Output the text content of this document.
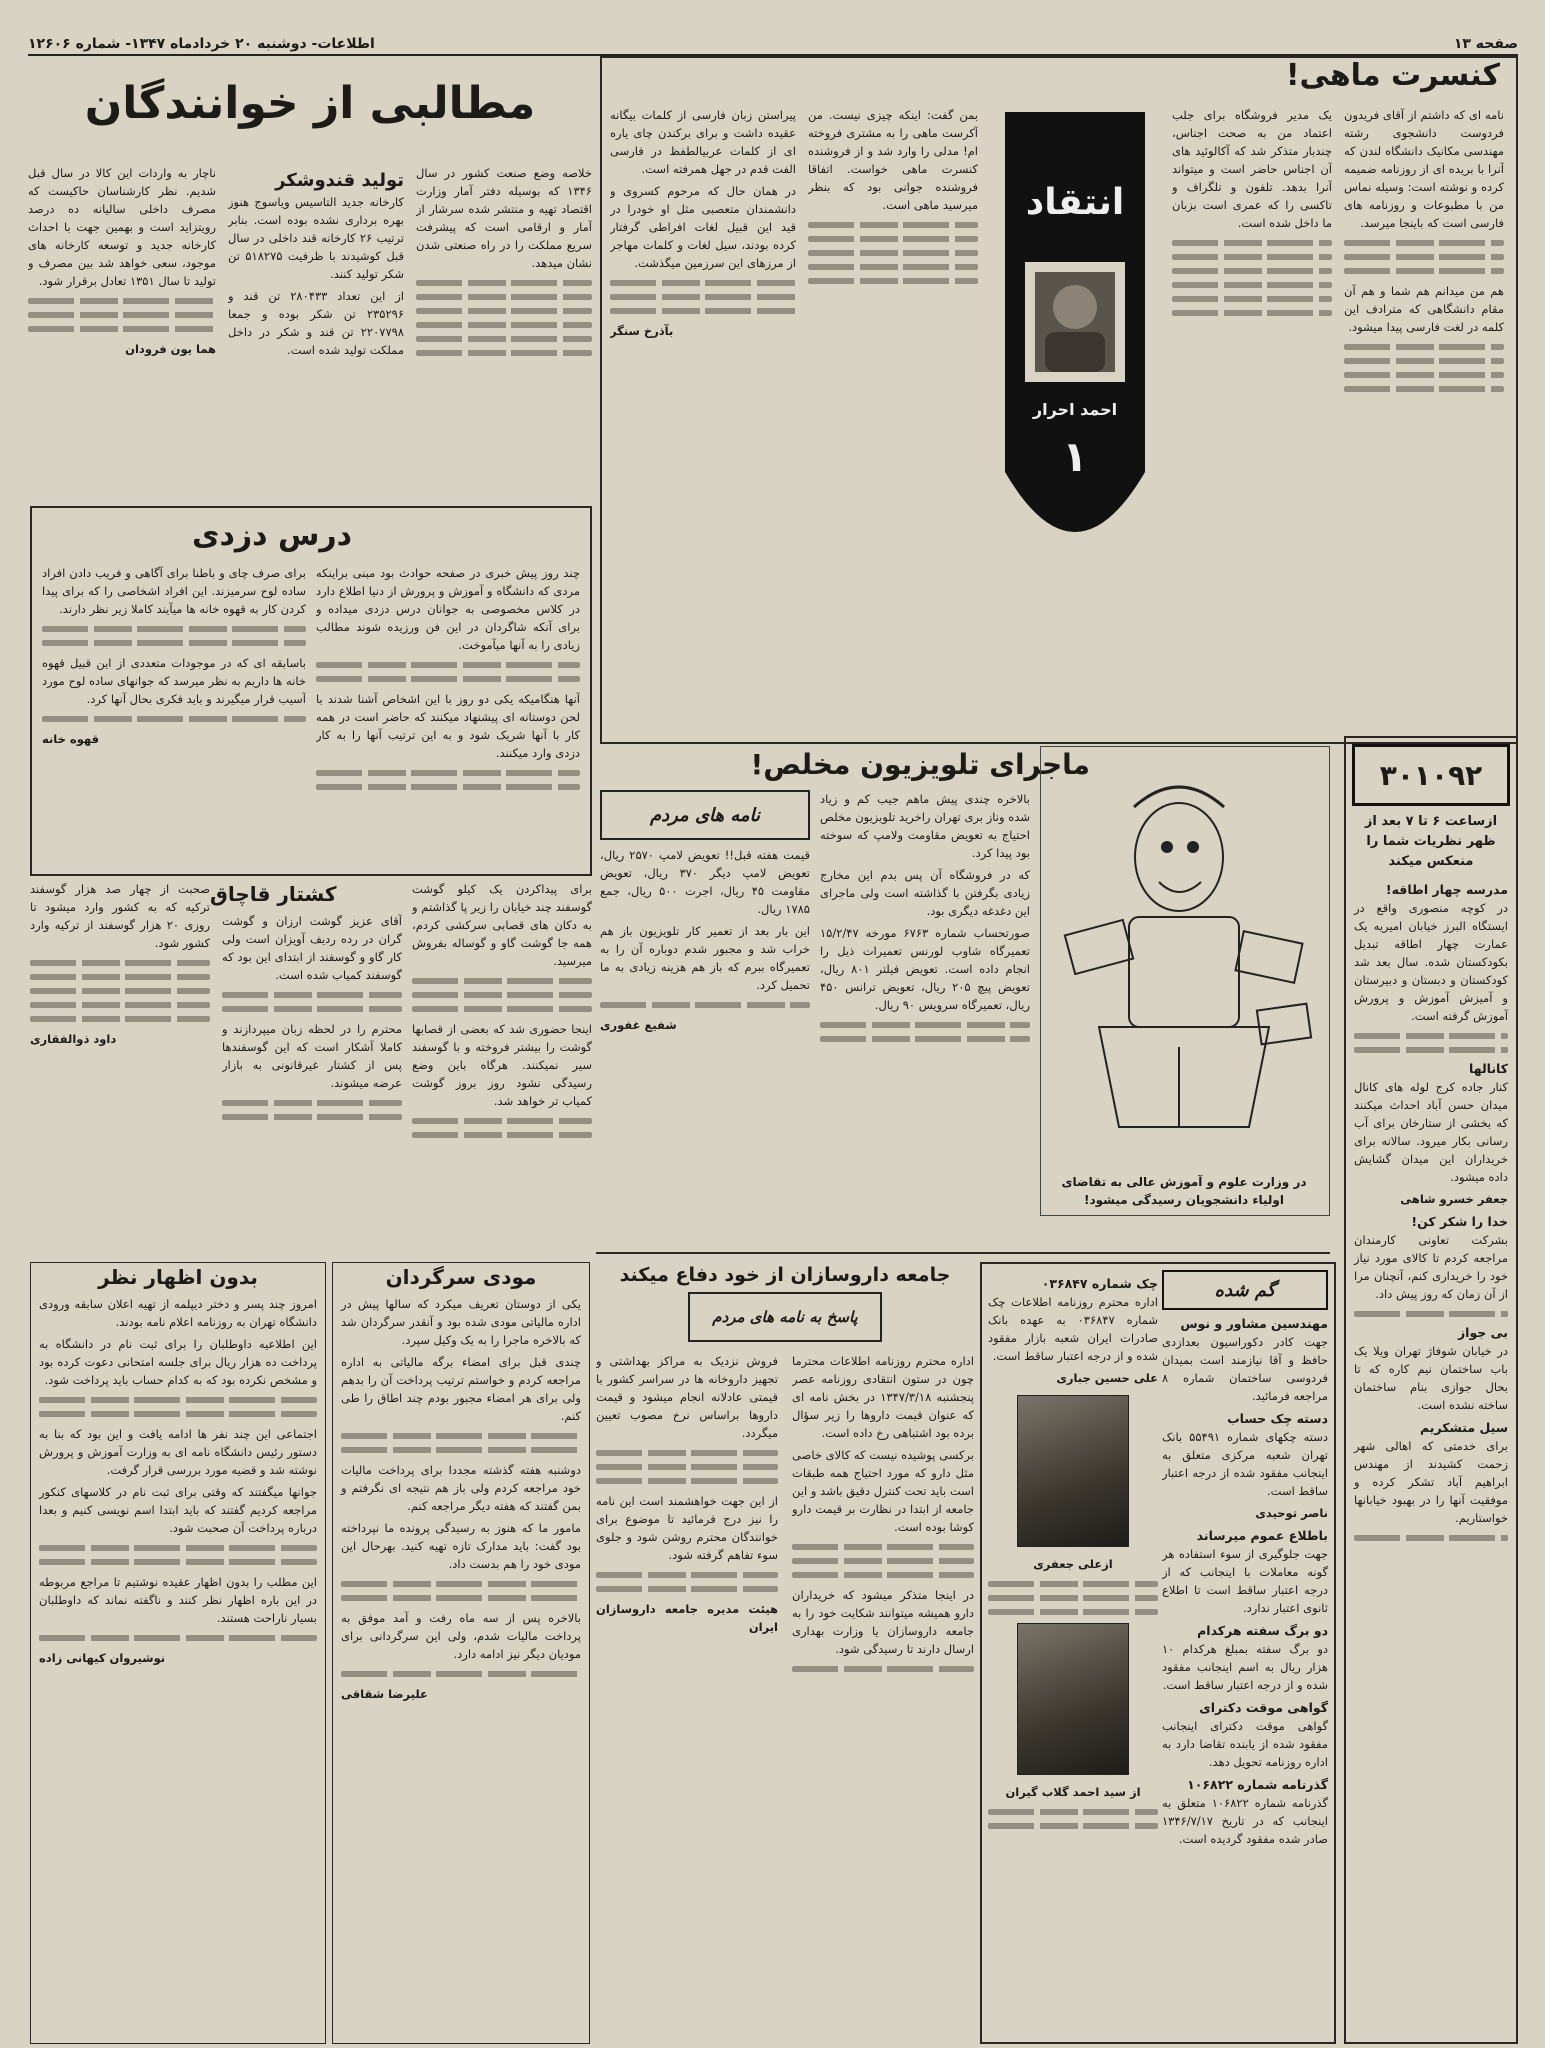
صفحه ۱۳
اطلاعات- دوشنبه ۲۰ خردادماه ۱۳۴۷- شماره ۱۲۶۰۶
کنسرت ماهی!

نامه ای که داشتم از آقای فریدون فردوست دانشجوی رشته مهندسی مکانیک دانشگاه لندن که آنرا با بریده ای از روزنامه ضمیمه کرده و نوشته است: وسیله نماس من با مطبوعات و روزنامه های فارسی است که باینجا میرسد.

هم من میدانم هم شما و هم آن مقام دانشگاهی که مترادف این کلمه در لغت فارسی پیدا میشود.

یک مدیر فروشگاه برای جلب اعتماد من به صحت اجناس، چندبار متذکر شد که آکالوئید های آن اجناس حاضر است و میتواند آنرا بدهد. تلفون و تلگراف و تاکسی را که عمری است بزبان ما داخل شده است.

انتقاد
احمد احرار
۱

بمن گفت: اینکه چیزی نیست. من آکرست ماهی را به مشتری فروخته ام! مدلی را وارد شد و از فروشنده کنسرت ماهی خواست. اتفاقا فروشنده جوانی بود که بنظر میرسید ماهی است.

پیراستن زبان فارسی از کلمات بیگانه عقیده داشت و برای برکندن چای یاره ای از کلمات عربیالطفظ در فارسی الفت قدم در جهل همرفته است.

در همان حال که مرحوم کسروی و دانشمندان متعصبی مثل او خودرا در قید این قبیل لغات افراطی گرفتار کرده بودند، سیل لغات و کلمات مهاجر از مرزهای این سرزمین میگذشت.

بآذرخ سنگر

مطالبی از خوانندگان

خلاصه وضع صنعت کشور در سال ۱۳۴۶ که بوسیله دفتر آمار وزارت اقتصاد تهیه و منتشر شده سرشار از آمار و ارقامی است که پیشرفت سریع مملکت را در راه صنعتی شدن نشان میدهد.

تولید قندوشکر

کارخانه جدید التاسیس ویاسوج هنوز بهره برداری نشده بوده است. بنابر ترتیب ۲۶ کارخانه قند داخلی در سال قبل کوشیدند با ظرفیت ۵۱۸۲۷۵ تن شکر تولید کنند.

از این تعداد ۲۸۰۴۳۳ تن قند و ۲۳۵۲۹۶ تن شکر بوده و جمعا ۲۲۰۷۷۹۸ تن قند و شکر در داخل مملکت تولید شده است.

ناچار به واردات این کالا در سال قبل شدیم. نظر کارشناسان حاکیست که مصرف داخلی سالیانه ده درصد رویتزاید است و بهمین جهت با احداث کارخانه جدید و توسعه کارخانه های موجود، سعی خواهد شد بین مصرف و تولید تا سال ۱۳۵۱ تعادل برقرار شود.

هما یون فرودان

درس دزدی

چند روز پیش خبری در صفحه حوادث بود مبنی براینکه مردی که دانشگاه و آموزش و پرورش از دنیا اطلاع دارد در کلاس مخصوصی به جوانان درس دزدی میداده و برای آنکه شاگردان در این فن ورزیده شوند مطالب زیادی را به آنها میآموخت.

آنها هنگامیکه یکی دو روز با این اشخاص آشنا شدند با لحن دوستانه ای پیشنهاد میکنند که حاضر است در همه کار با آنها شریک شود و به این ترتیب آنها را به کار دزدی وارد میکنند.

برای صرف چای و باطنا برای آگاهی و فریب دادن افراد ساده لوح سرمیزند. این افراد اشخاصی را که برای پیدا کردن کار به قهوه خانه ها میآیند کاملا زیر نظر دارند.

باسابقه ای که در موجودات متعددی از این قبیل قهوه خانه ها داریم به نظر میرسد که جوانهای ساده لوح مورد آسیب قرار میگیرند و باید فکری بحال آنها کرد.

قهوه خانه

کشتار قاچاق	برای پیداکردن یک کیلو گوشت گوسفند چند خیابان را زیر پا گذاشتم و به دکان های قصابی سرکشی کردم، همه جا گوشت گاو و گوساله بفروش میرسید.

اینجا حضوری شد که بعضی از قصابها گوشت را بیشتر فروخته و با گوسفند سیر نمیکنند. هرگاه باین وضع رسیدگی نشود روز بروز گوشت کمیاب تر خواهد شد.

آقای عزیز گوشت ارزان و گوشت گران در رده ردیف آویزان است ولی کار گاو و گوسفند از ابتدای این بود که گوسفند کمیاب شده است.

محترم را در لحظه زبان میپردازند و کاملا آشکار است که این گوسفندها پس از کشتار غیرقانونی به بازار عرضه میشوند.

صحبت از چهار صد هزار گوسفند ترکیه که به کشور وارد میشود تا روزی ۲۰ هزار گوسفند از ترکیه وارد کشور شود.

داود ذوالفقاری

ماجرای تلویزیون مخلص!
در وزارت علوم و آموزش عالی به تقاضای اولیاء دانشجویان رسیدگی میشود!

بالاخره چندی پیش ماهم جیب کم و زیاد شده وناز بری تهران راخرید تلویزیون مخلص احتیاج به تعویض مقاومت ولامپ که سوخته بود پیدا کرد.

که در فروشگاه آن پس بدم این مخارج زیادی بگرفتن با گذاشته است ولی ماجرای این دغدغه دیگری بود.

صورتحساب شماره ۶۷۶۳ مورخه ۱۵/۲/۴۷ تعمیرگاه شاوب لورنس تعمیرات ذیل را انجام داده است. تعویض فیلتر ۸۰۱ ریال، تعویض پیچ ۲۰۵ ریال، تعویض ترانس ۴۵۰ ریال، تعمیرگاه سرویس ۹۰ ریال.

نامه های مردم

قیمت هفته قبل!! تعویض لامپ ۲۵۷۰ ریال، تعویض لامپ دیگر ۳۷۰ ریال، تعویض مقاومت ۴۵ ریال، اجرت ۵۰۰ ریال، جمع ۱۷۸۵ ریال.

این بار بعد از تعمیر کار تلویزیون باز هم خراب شد و مجبور شدم دوباره آن را به تعمیرگاه ببرم که باز هم هزینه زیادی به ما تحمیل کرد.

شفیع غفوری

۳۰۱۰۹۲
ازساعت ۶ تا ۷ بعد از ظهر نظریات شما را منعکس میکند
مدرسه چهار اطاقه!

در کوچه منصوری واقع در ایستگاه البرز خیابان امیریه یک عمارت چهار اطاقه تبدیل بکودکستان شده. سال بعد شد کودکستان و دبستان و دبیرستان و آمیزش آموزش و پرورش آموزش گرفته است.

کانالها

کنار جاده کرج لوله های کانال میدان حسن آباد احداث میکنند که بخشی از ستارخان برای آب رسانی بکار میرود. سالانه برای خریداران این میدان گشایش داده میشود.

جعفر خسرو شاهی

خدا را شکر کن!

بشرکت تعاونی کارمندان مراجعه کردم تا کالای مورد نیاز خود را خریداری کنم، آنچنان مرا از آن زمان که روز پیش داد.

بی جواز

در خیابان شوفاژ تهران ویلا یک باب ساختمان نیم کاره که تا بحال جوازی بنام ساختمان ساخته نشده است.

سیل متشکریم

برای خدمتی که اهالی شهر زحمت کشیدند از مهندس ابراهیم آباد تشکر کرده و موفقیت آنها را در بهبود خیابانها خواستاریم.

گم شده
مهندسین مشاور و نوس

جهت کادر دکوراسیون بعدازدی حافظ و آقا نیازمند است بمیدان فردوسی ساختمان شماره ۸ مراجعه فرمائید.

دسته چک حساب

دسته چکهای شماره ۵۵۴۹۱ بانک تهران شعبه مرکزی متعلق به اینجانب مفقود شده از درجه اعتبار ساقط است.

ناصر توحیدی

باطلاع عموم میرساند

جهت جلوگیری از سوء استفاده هر گونه معاملات با اینجانب که از درجه اعتبار ساقط است تا اطلاع ثانوی اعتبار ندارد.

دو برگ سفته هرکدام

دو برگ سفته بمبلغ هرکدام ۱۰ هزار ریال به اسم اینجانب مفقود شده و از درجه اعتبار ساقط است.

گواهی موقت دکترای

گواهی موقت دکترای اینجانب مفقود شده از یابنده تقاضا دارد به اداره روزنامه تحویل دهد.

گذرنامه شماره ۱۰۶۸۲۲

گذرنامه شماره ۱۰۶۸۲۲ متعلق به اینجانب که در تاریخ ۱۳۴۶/۷/۱۷ صادر شده مفقود گردیده است.

چک شماره ۰۳۶۸۴۷

اداره محترم روزنامه اطلاعات چک شماره ۰۳۶۸۴۷ به عهده بانک صادرات ایران شعبه بازار مفقود شده و از درجه اعتبار ساقط است.

علی حسین جباری

ازعلی جعفری

از سید احمد گلاب گیران

جامعه داروسازان از خود دفاع میکند
پاسخ به نامه های مردم

اداره محترم روزنامه اطلاعات محترما چون در ستون انتقادی روزنامه عصر پنجشنبه ۱۳۴۷/۳/۱۸ در بخش نامه ای که عنوان قیمت داروها را زیر سؤال برده بود اشتباهی رخ داده است.

برکسی پوشیده نیست که کالای خاصی مثل دارو که مورد احتیاج همه طبقات است باید تحت کنترل دقیق باشد و این جامعه از ابتدا در نظارت بر قیمت دارو کوشا بوده است.

در اینجا متذکر میشود که خریداران دارو همیشه میتوانند شکایت خود را به جامعه داروسازان یا وزارت بهداری ارسال دارند تا رسیدگی شود.

فروش نزدیک به مراکز بهداشتی و تجهیز داروخانه ها در سراسر کشور با قیمتی عادلانه انجام میشود و قیمت داروها براساس نرخ مصوب تعیین میگردد.

از این جهت خواهشمند است این نامه را نیز درج فرمائید تا موضوع برای خوانندگان محترم روشن شود و جلوی سوء تفاهم گرفته شود.

هیئت مدیره جامعه داروسازان ایران

مودی سرگردان

یکی از دوستان تعریف میکرد که سالها پیش در اداره مالیاتی مودی شده بود و آنقدر سرگردان شد که بالاخره ماجرا را به یک وکیل سپرد.

چندی قبل برای امضاء برگه مالیاتی به اداره مراجعه کردم و خواستم ترتیب پرداخت آن را بدهم ولی برای هر امضاء مجبور بودم چند اطاق را طی کنم.

دوشنبه هفته گذشته مجددا برای پرداخت مالیات خود مراجعه کردم ولی باز هم نتیجه ای نگرفتم و بمن گفتند که هفته دیگر مراجعه کنم.

مامور ما که هنوز به رسیدگی پرونده ما نپرداخته بود گفت: باید مدارک تازه تهیه کنید. بهرحال این مودی خود را هم بدست داد.

بالاخره پس از سه ماه رفت و آمد موفق به پرداخت مالیات شدم، ولی این سرگردانی برای مودیان دیگر نیز ادامه دارد.

علیرضا شقاقی

بدون اظهار نظر

امروز چند پسر و دختر دیپلمه از تهیه اعلان سابقه ورودی دانشگاه تهران به روزنامه اعلام نامه بودند.

این اطلاعیه داوطلبان را برای ثبت نام در دانشگاه به پرداخت ده هزار ریال برای جلسه امتحانی دعوت کرده بود و مشخص نکرده بود که به کدام حساب باید پرداخت شود.

اجتماعی این چند نفر ها ادامه یافت و این بود که بنا به دستور رئیس دانشگاه نامه ای به وزارت آموزش و پرورش نوشته شد و قضیه مورد بررسی قرار گرفت.

جوانها میگفتند که وقتی برای ثبت نام در کلاسهای کنکور مراجعه کردیم گفتند که باید ابتدا اسم نویسی کنیم و بعدا درباره پرداخت آن صحبت شود.

این مطلب را بدون اظهار عقیده نوشتیم تا مراجع مربوطه در این باره اظهار نظر کنند و ناگفته نماند که داوطلبان بسیار ناراحت هستند.

نوشیروان کیهانی زاده
